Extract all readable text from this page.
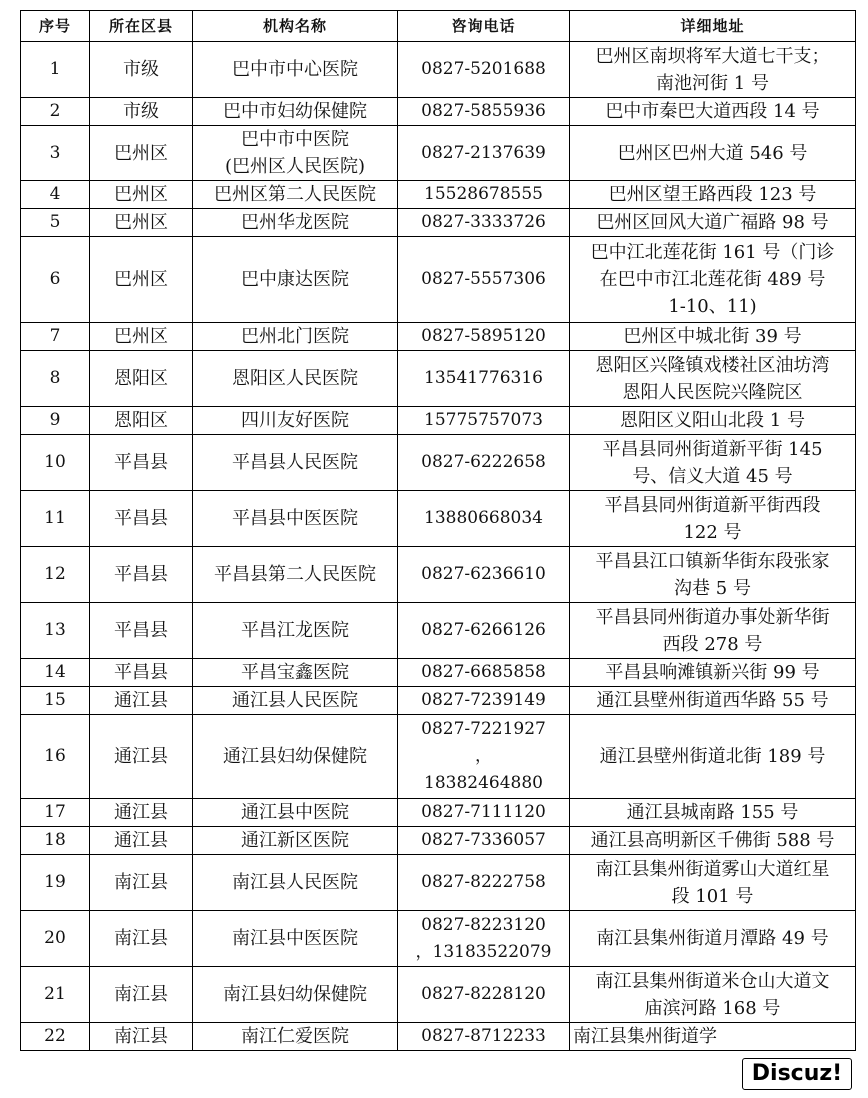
序号	所在区县	机构名称	咨询电话	详细地址
1	市级	巴中市中心医院	0827-5201688	巴州区南坝将军大道七干支；
南池河街 1 号

2	市级	巴中市妇幼保健院	0827-5855936	巴中市秦巴大道西段 14 号

3	巴州区	巴中市中医院
(巴州区人民医院)	0827-2137639	巴州区巴州大道 546 号

4	巴州区	巴州区第二人民医院	15528678555	巴州区望王路西段 123 号

5	巴州区	巴州华龙医院	0827-3333726	巴州区回风大道广福路 98 号

6	巴州区	巴中康达医院	0827-5557306	巴中江北莲花街 161 号（门诊
在巴中市江北莲花街 489 号
1-10、11)

7	巴州区	巴州北门医院	0827-5895120	巴州区中城北街 39 号

8	恩阳区	恩阳区人民医院	13541776316	恩阳区兴隆镇戏楼社区油坊湾
恩阳人民医院兴隆院区

9	恩阳区	四川友好医院	15775757073	恩阳区义阳山北段 1 号

10	平昌县	平昌县人民医院	0827-6222658	平昌县同州街道新平街 145
号、信义大道 45 号

11	平昌县	平昌县中医医院	13880668034	平昌县同州街道新平街西段
122 号

12	平昌县	平昌县第二人民医院	0827-6236610	平昌县江口镇新华街东段张家
沟巷 5 号

13	平昌县	平昌江龙医院	0827-6266126	平昌县同州街道办事处新华街
西段 278 号

14	平昌县	平昌宝鑫医院	0827-6685858	平昌县响滩镇新兴街 99 号

15	通江县	通江县人民医院	0827-7239149	通江县壁州街道西华路 55 号

16	通江县	通江县妇幼保健院	0827-7221927
，
18382464880	通江县壁州街道北街 189 号

17	通江县	通江县中医院	0827-7111120	通江县城南路 155 号

18	通江县	通江新区医院	0827-7336057	通江县高明新区千佛街 588 号

19	南江县	南江县人民医院	0827-8222758	南江县集州街道雾山大道红星
段 101 号

20	南江县	南江县中医医院	0827-8223120
，13183522079	南江县集州街道月潭路 49 号

21	南江县	南江县妇幼保健院	0827-8228120	南江县集州街道米仓山大道文
庙滨河路 168 号

22	南江县	南江仁爱医院	0827-8712233	南江县集州街道学
Discuz!
